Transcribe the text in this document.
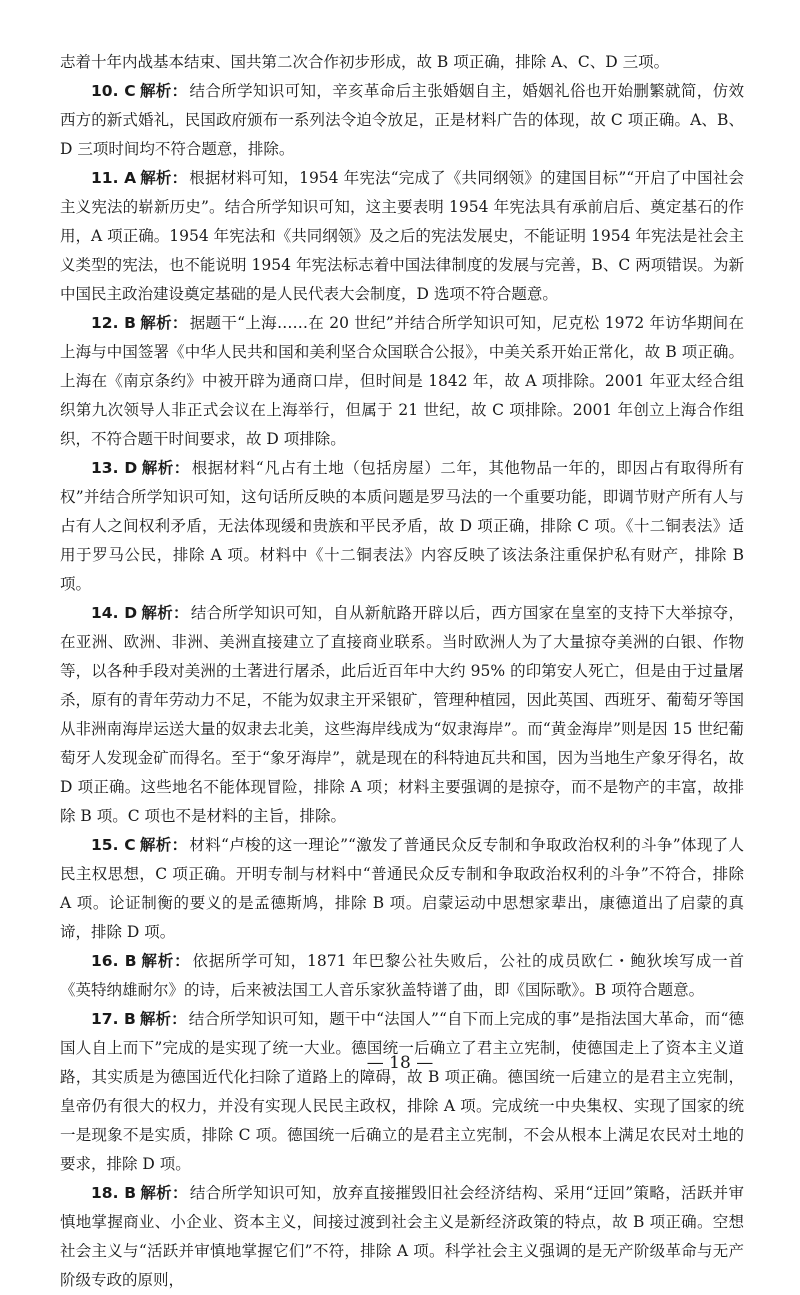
志着十年内战基本结束、国共第二次合作初步形成，故 B 项正确，排除 A、C、D 三项。

10. C 解析： 结合所学知识可知，辛亥革命后主张婚姻自主，婚姻礼俗也开始删繁就简，仿效西方的新式婚礼，民国政府颁布一系列法令迫令放足，正是材料广告的体现，故 C 项正确。A、B、D 三项时间均不符合题意，排除。

11. A 解析： 根据材料可知，1954 年宪法“完成了《共同纲领》的建国目标”“开启了中国社会主义宪法的崭新历史”。结合所学知识可知，这主要表明 1954 年宪法具有承前启后、奠定基石的作用，A 项正确。1954 年宪法和《共同纲领》及之后的宪法发展史，不能证明 1954 年宪法是社会主义类型的宪法，也不能说明 1954 年宪法标志着中国法律制度的发展与完善，B、C 两项错误。为新中国民主政治建设奠定基础的是人民代表大会制度，D 选项不符合题意。

12. B 解析： 据题干“上海……在 20 世纪”并结合所学知识可知，尼克松 1972 年访华期间在上海与中国签署《中华人民共和国和美利坚合众国联合公报》，中美关系开始正常化，故 B 项正确。上海在《南京条约》中被开辟为通商口岸，但时间是 1842 年，故 A 项排除。2001 年亚太经合组织第九次领导人非正式会议在上海举行，但属于 21 世纪，故 C 项排除。2001 年创立上海合作组织，不符合题干时间要求，故 D 项排除。

13. D 解析： 根据材料“凡占有土地（包括房屋）二年，其他物品一年的，即因占有取得所有权”并结合所学知识可知，这句话所反映的本质问题是罗马法的一个重要功能，即调节财产所有人与占有人之间权利矛盾，无法体现缓和贵族和平民矛盾，故 D 项正确，排除 C 项。《十二铜表法》适用于罗马公民，排除 A 项。材料中《十二铜表法》内容反映了该法条注重保护私有财产，排除 B 项。

14. D 解析： 结合所学知识可知，自从新航路开辟以后，西方国家在皇室的支持下大举掠夺，在亚洲、欧洲、非洲、美洲直接建立了直接商业联系。当时欧洲人为了大量掠夺美洲的白银、作物等，以各种手段对美洲的土著进行屠杀，此后近百年中大约 95% 的印第安人死亡，但是由于过量屠杀，原有的青年劳动力不足，不能为奴隶主开采银矿，管理种植园，因此英国、西班牙、葡萄牙等国从非洲南海岸运送大量的奴隶去北美，这些海岸线成为“奴隶海岸”。而“黄金海岸”则是因 15 世纪葡萄牙人发现金矿而得名。至于“象牙海岸”，就是现在的科特迪瓦共和国，因为当地生产象牙得名，故 D 项正确。这些地名不能体现冒险，排除 A 项；材料主要强调的是掠夺，而不是物产的丰富，故排除 B 项。C 项也不是材料的主旨，排除。

15. C 解析： 材料“卢梭的这一理论”“激发了普通民众反专制和争取政治权利的斗争”体现了人民主权思想，C 项正确。开明专制与材料中“普通民众反专制和争取政治权利的斗争”不符合，排除 A 项。论证制衡的要义的是孟德斯鸠，排除 B 项。启蒙运动中思想家辈出，康德道出了启蒙的真谛，排除 D 项。

16. B 解析： 依据所学可知，1871 年巴黎公社失败后，公社的成员欧仁・鲍狄埃写成一首《英特纳雄耐尔》的诗，后来被法国工人音乐家狄盖特谱了曲，即《国际歌》。B 项符合题意。

17. B 解析： 结合所学知识可知，题干中“法国人”“自下而上完成的事”是指法国大革命，而“德国人自上而下”完成的是实现了统一大业。德国统一后确立了君主立宪制，使德国走上了资本主义道路，其实质是为德国近代化扫除了道路上的障碍，故 B 项正确。德国统一后建立的是君主立宪制，皇帝仍有很大的权力，并没有实现人民民主政权，排除 A 项。完成统一中央集权、实现了国家的统一是现象不是实质，排除 C 项。德国统一后确立的是君主立宪制，不会从根本上满足农民对土地的要求，排除 D 项。

18. B 解析： 结合所学知识可知，放弃直接摧毁旧社会经济结构、采用“迂回”策略，活跃并审慎地掌握商业、小企业、资本主义，间接过渡到社会主义是新经济政策的特点，故 B 项正确。空想社会主义与“活跃并审慎地掌握它们”不符，排除 A 项。科学社会主义强调的是无产阶级革命与无产阶级专政的原则，

— 18 —
